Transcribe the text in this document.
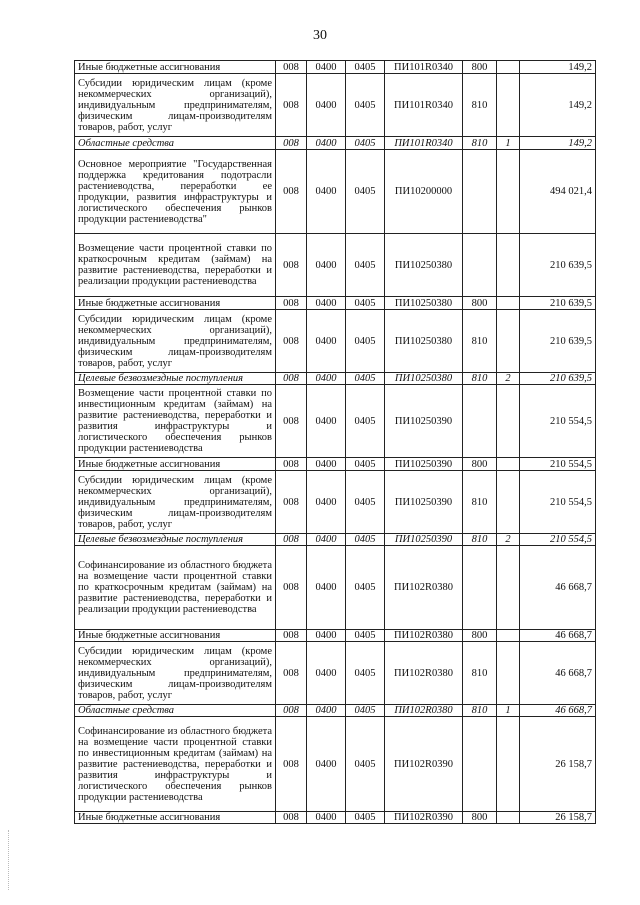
30
Иные бюджетные ассигнования	008	0400	0405	ПИ101R0340	800		149,2
Субсидии юридическим лицам (кроме некоммерческих организаций), индивидуальным предпринимателям, физическим лицам-производителям товаров, работ, услуг	008	0400	0405	ПИ101R0340	810		149,2
Областные средства	008	0400	0405	ПИ101R0340	810	1	149,2
Основное мероприятие "Государственная поддержка кредитования подотрасли растениеводства, переработки ее продукции, развития инфраструктуры и логистического обеспечения рынков продукции растениеводства"	008	0400	0405	ПИ10200000			494 021,4
Возмещение части процентной ставки по краткосрочным кредитам (займам) на развитие растениеводства, переработки и реализации продукции растениеводства	008	0400	0405	ПИ10250380			210 639,5
Иные бюджетные ассигнования	008	0400	0405	ПИ10250380	800		210 639,5
Субсидии юридическим лицам (кроме некоммерческих организаций), индивидуальным предпринимателям, физическим лицам-производителям товаров, работ, услуг	008	0400	0405	ПИ10250380	810		210 639,5
Целевые безвозмездные поступления	008	0400	0405	ПИ10250380	810	2	210 639,5
Возмещение части процентной ставки по инвестиционным кредитам (займам) на развитие растениеводства, переработки и развития инфраструктуры и логистического обеспечения рынков продукции растениеводства	008	0400	0405	ПИ10250390			210 554,5
Иные бюджетные ассигнования	008	0400	0405	ПИ10250390	800		210 554,5
Субсидии юридическим лицам (кроме некоммерческих организаций), индивидуальным предпринимателям, физическим лицам-производителям товаров, работ, услуг	008	0400	0405	ПИ10250390	810		210 554,5
Целевые безвозмездные поступления	008	0400	0405	ПИ10250390	810	2	210 554,5
Софинансирование из областного бюджета на возмещение части процентной ставки по краткосрочным кредитам (займам) на развитие растениеводства, переработки и реализации продукции растениеводства	008	0400	0405	ПИ102R0380			46 668,7
Иные бюджетные ассигнования	008	0400	0405	ПИ102R0380	800		46 668,7
Субсидии юридическим лицам (кроме некоммерческих организаций), индивидуальным предпринимателям, физическим лицам-производителям товаров, работ, услуг	008	0400	0405	ПИ102R0380	810		46 668,7
Областные средства	008	0400	0405	ПИ102R0380	810	1	46 668,7
Софинансирование из областного бюджета на возмещение части процентной ставки по инвестиционным кредитам (займам) на развитие растениеводства, переработки и развития инфраструктуры и логистического обеспечения рынков продукции растениеводства	008	0400	0405	ПИ102R0390			26 158,7
Иные бюджетные ассигнования	008	0400	0405	ПИ102R0390	800		26 158,7
